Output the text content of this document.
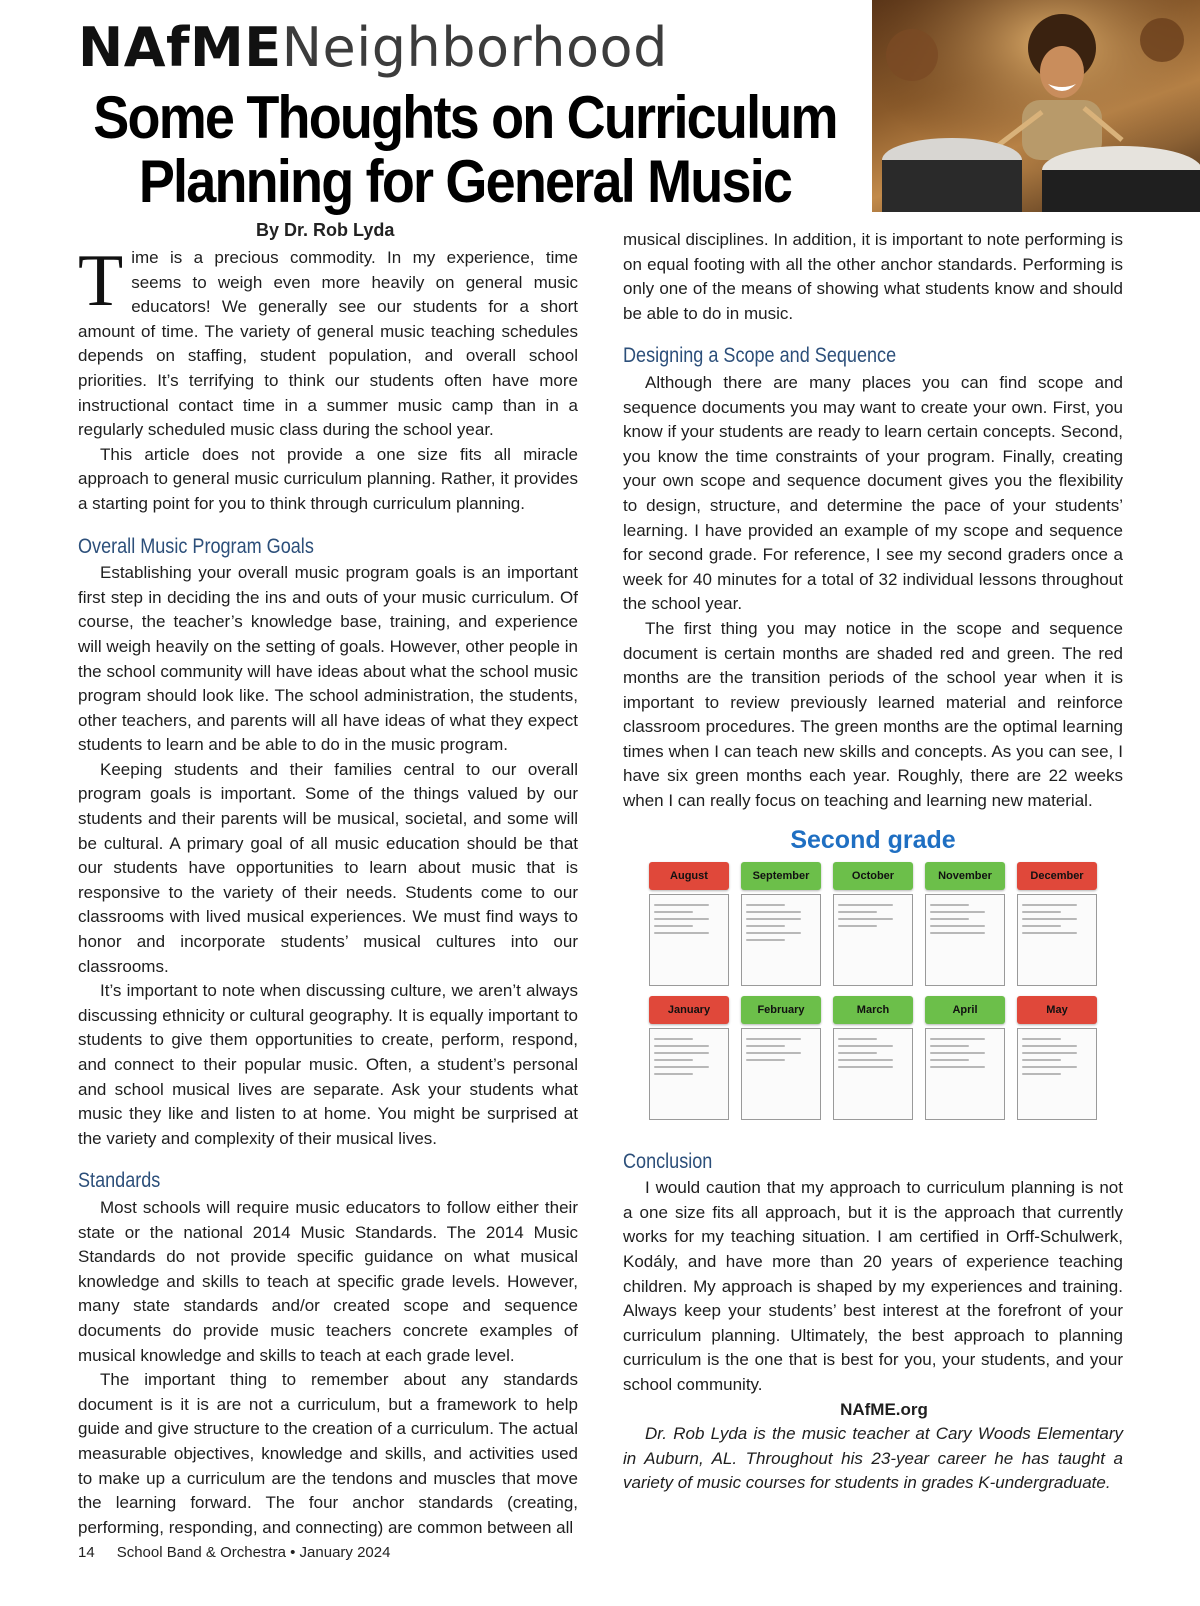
NAfMENeighborhood
Some Thoughts on Curriculum
Planning for General Music
By Dr. Rob Lyda

Time is a precious commodity. In my experience, time seems to weigh even more heavily on general music educators! We generally see our students for a short amount of time. The variety of general music teaching schedules depends on staffing, student population, and overall school priorities. It’s terrifying to think our students often have more instructional contact time in a summer music camp than in a regularly scheduled music class during the school year.

This article does not provide a one size fits all miracle approach to general music curriculum planning. Rather, it provides a starting point for you to think through curriculum planning.

Overall Music Program Goals

Establishing your overall music program goals is an important first step in deciding the ins and outs of your music curriculum. Of course, the teacher’s knowledge base, training, and experience will weigh heavily on the setting of goals. However, other people in the school community will have ideas about what the school music program should look like. The school administration, the students, other teachers, and parents will all have ideas of what they expect students to learn and be able to do in the music program.

Keeping students and their families central to our overall program goals is important. Some of the things valued by our students and their parents will be musical, societal, and some will be cultural. A primary goal of all music education should be that our students have opportunities to learn about music that is responsive to the variety of their needs. Students come to our classrooms with lived musical experiences. We must find ways to honor and incorporate students’ musical cultures into our classrooms.

It’s important to note when discussing culture, we aren’t always discussing ethnicity or cultural geography. It is equally important to students to give them opportunities to create, perform, respond, and connect to their popular music. Often, a student’s personal and school musical lives are separate. Ask your students what music they like and listen to at home. You might be surprised at the variety and complexity of their musical lives.

Standards

Most schools will require music educators to follow either their state or the national 2014 Music Standards. The 2014 Music Standards do not provide specific guidance on what musical knowledge and skills to teach at specific grade levels. However, many state standards and/or created scope and sequence documents do provide music teachers concrete examples of musical knowledge and skills to teach at each grade level.

The important thing to remember about any standards document is it is are not a curriculum, but a framework to help guide and give structure to the creation of a curriculum. The actual measurable objectives, knowledge and skills, and activities used to make up a curriculum are the tendons and muscles that move the learning forward. The four anchor standards (creating, performing, responding, and connecting) are common between all

musical disciplines. In addition, it is important to note performing is on equal footing with all the other anchor standards. Performing is only one of the means of showing what students know and should be able to do in music.

Designing a Scope and Sequence

Although there are many places you can find scope and sequence documents you may want to create your own. First, you know if your students are ready to learn certain concepts. Second, you know the time constraints of your program. Finally, creating your own scope and sequence document gives you the flexibility to design, structure, and determine the pace of your students’ learning. I have provided an example of my scope and sequence for second grade. For reference, I see my second graders once a week for 40 minutes for a total of 32 individual lessons throughout the school year.

The first thing you may notice in the scope and sequence document is certain months are shaded red and green. The red months are the transition periods of the school year when it is important to review previously learned material and reinforce classroom procedures. The green months are the optimal learning times when I can teach new skills and concepts. As you can see, I have six green months each year. Roughly, there are 22 weeks when I can really focus on teaching and learning new material.

Second grade
August	September	October	November	December
January	February	March	April	May
Conclusion

I would caution that my approach to curriculum planning is not a one size fits all approach, but it is the approach that currently works for my teaching situation. I am certified in Orff-Schulwerk, Kodály, and have more than 20 years of experience teaching children. My approach is shaped by my experiences and training. Always keep your students’ best interest at the forefront of your curriculum planning. Ultimately, the best approach to planning curriculum is the one that is best for you, your students, and your school community.

NAfME.org

Dr. Rob Lyda is the music teacher at Cary Woods Elementary in Auburn, AL. Throughout his 23-year career he has taught a variety of music courses for students in grades K-undergraduate.

14 School Band & Orchestra • January 2024
